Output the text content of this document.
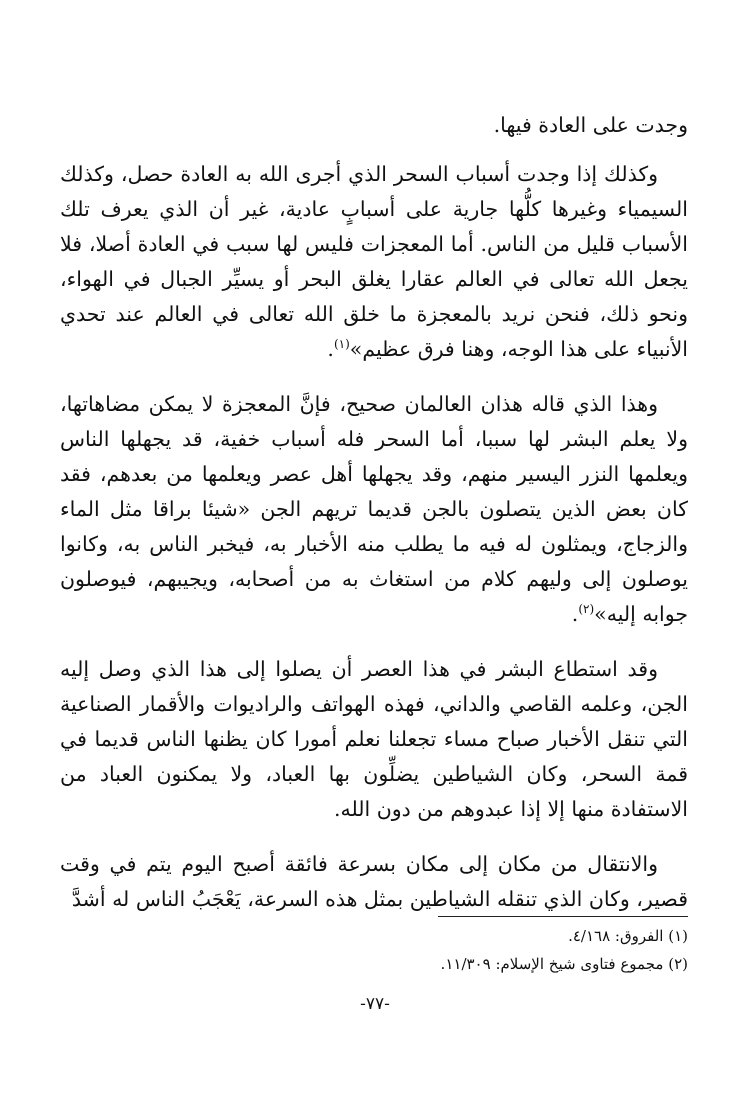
وجدت على العادة فيها.

وكذلك إذا وجدت أسباب السحر الذي أجرى الله به العادة حصل، وكذلك السيمياء وغيرها كلُّها جارية على أسبابٍ عادية، غير أن الذي يعرف تلك الأسباب قليل من الناس. أما المعجزات فليس لها سبب في العادة أصلا، فلا يجعل الله تعالى في العالم عقارا يغلق البحر أو يسيِّر الجبال في الهواء، ونحو ذلك، فنحن نريد بالمعجزة ما خلق الله تعالى في العالم عند تحدي الأنبياء على هذا الوجه، وهنا فرق عظيم»$^{(١)}$.

وهذا الذي قاله هذان العالمان صحيح، فإنَّ المعجزة لا يمكن مضاهاتها، ولا يعلم البشر لها سببا، أما السحر فله أسباب خفية، قد يجهلها الناس ويعلمها النزر اليسير منهم، وقد يجهلها أهل عصر ويعلمها من بعدهم، فقد كان بعض الذين يتصلون بالجن قديما تريهم الجن «شيئا براقا مثل الماء والزجاج، ويمثلون له فيه ما يطلب منه الأخبار به، فيخبر الناس به، وكانوا يوصلون إلى وليهم كلام من استغاث به من أصحابه، ويجيبهم، فيوصلون جوابه إليه»$^{(٢)}$.

وقد استطاع البشر في هذا العصر أن يصلوا إلى هذا الذي وصل إليه الجن، وعلمه القاصي والداني، فهذه الهواتف والراديوات والأقمار الصناعية التي تنقل الأخبار صباح مساء تجعلنا نعلم أمورا كان يظنها الناس قديما في قمة السحر، وكان الشياطين يضلِّون بها العباد، ولا يمكنون العباد من الاستفادة منها إلا إذا عبدوهم من دون الله.

والانتقال من مكان إلى مكان بسرعة فائقة أصبح اليوم يتم في وقت قصير، وكان الذي تنقله الشياطين بمثل هذه السرعة، يَعْجَبُ الناس له أشدَّ

(١) الفروق: ٤/١٦٨.

(٢) مجموع فتاوى شيخ الإسلام: ١١/٣٠٩.

-٧٧-
